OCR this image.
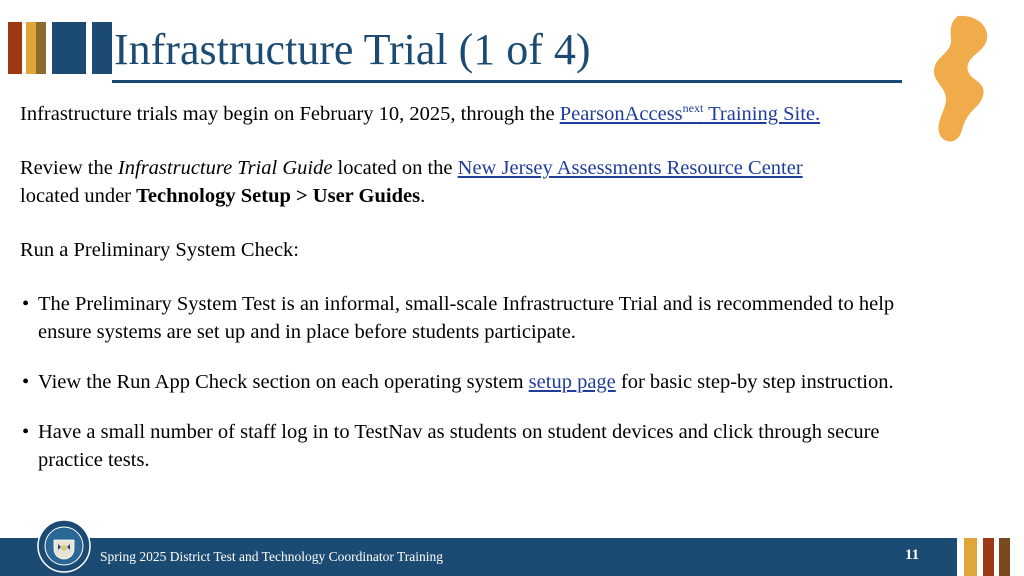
Infrastructure Trial (1 of 4)

Infrastructure trials may begin on February 10, 2025, through the PearsonAccess$^{next}$ Training Site.

Review the Infrastructure Trial Guide located on the New Jersey Assessments Resource Center
located under Technology Setup > User Guides.

Run a Preliminary System Check:

• The Preliminary System Test is an informal, small-scale Infrastructure Trial and is recommended to help ensure systems are set up and in place before students participate.
• View the Run App Check section on each operating system setup page for basic step-by step instruction.
• Have a small number of staff log in to TestNav as students on student devices and click through secure practice tests.
Spring 2025 District Test and Technology Coordinator Training	11
